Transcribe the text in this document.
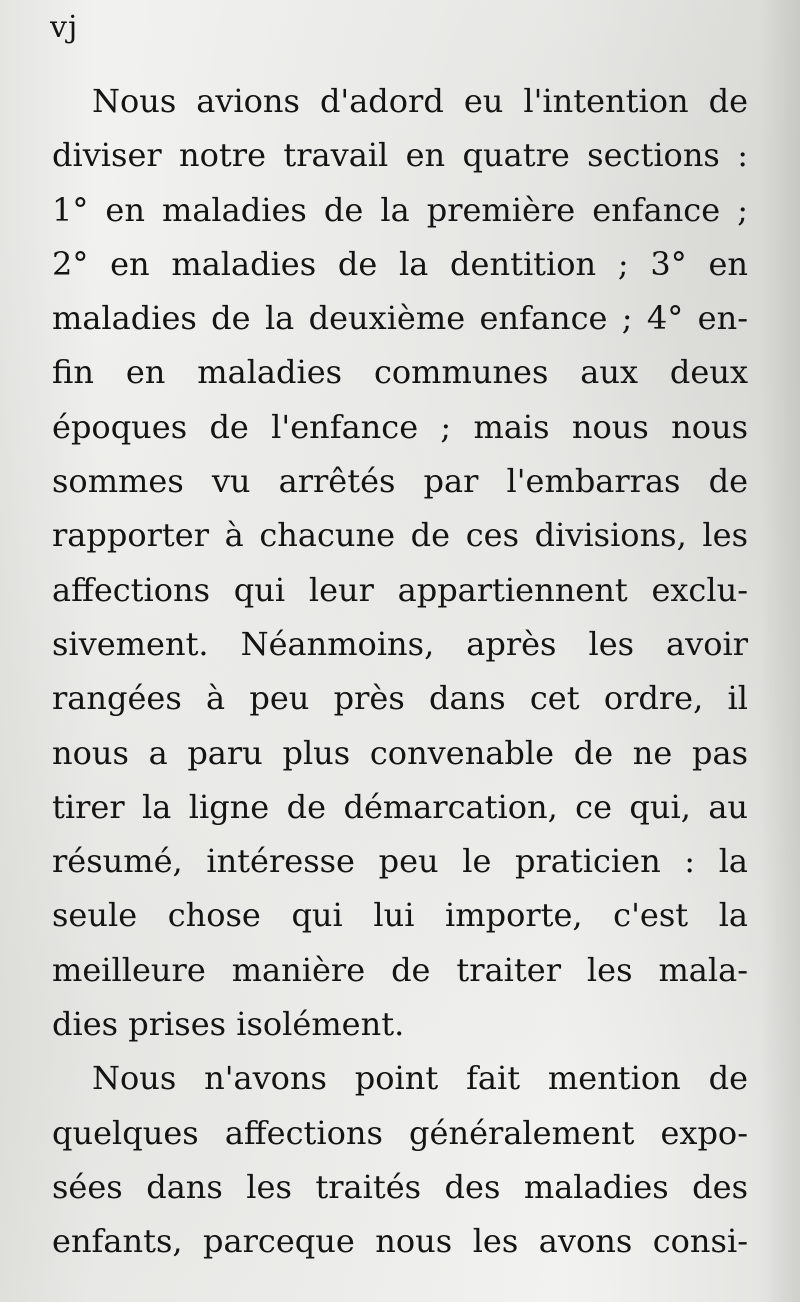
vj
Nous avions d'adord eu l'intention de
diviser notre travail en quatre sections :
1° en maladies de la première enfance ;
2° en maladies de la dentition ; 3° en
maladies de la deuxième enfance ; 4° en-
fin en maladies communes aux deux
époques de l'enfance ; mais nous nous
sommes vu arrêtés par l'embarras de
rapporter à chacune de ces divisions, les
affections qui leur appartiennent exclu-
sivement. Néanmoins, après les avoir
rangées à peu près dans cet ordre, il
nous a paru plus convenable de ne pas
tirer la ligne de démarcation, ce qui, au
résumé, intéresse peu le praticien : la
seule chose qui lui importe, c'est la
meilleure manière de traiter les mala-
dies prises isolément.
Nous n'avons point fait mention de
quelques affections généralement expo-
sées dans les traités des maladies des
enfants, parceque nous les avons consi-
